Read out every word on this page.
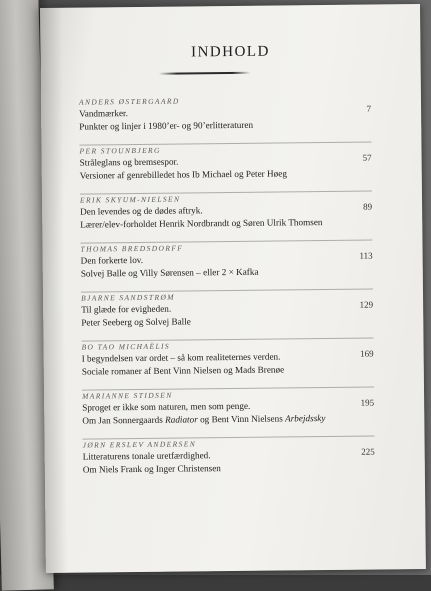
INDHOLD
ANDERS ØSTERGAARD
7
Vandmærker.
Punkter og linjer i 1980’er- og 90’erlitteraturen
PER STOUNBJERG
57
Stråleglans og bremsespor.
Versioner af genrebilledet hos Ib Michael og Peter Høeg
ERIK SKYUM-NIELSEN
89
Den levendes og de dødes aftryk.
Lærer/elev-forholdet Henrik Nordbrandt og Søren Ulrik Thomsen
THOMAS BREDSDORFF
113
Den forkerte lov.
Solvej Balle og Villy Sørensen – eller 2 × Kafka
BJARNE SANDSTRØM
129
Til glæde for evigheden.
Peter Seeberg og Solvej Balle
BO TAO MICHAËLIS
169
I begyndelsen var ordet – så kom realiteternes verden.
Sociale romaner af Bent Vinn Nielsen og Mads Brenøe
MARIANNE STIDSEN
195
Sproget er ikke som naturen, men som penge.
Om Jan Sonnergaards Radiator og Bent Vinn Nielsens Arbejdssky
JØRN ERSLEV ANDERSEN
225
Litteraturens tonale uretfærdighed.
Om Niels Frank og Inger Christensen
